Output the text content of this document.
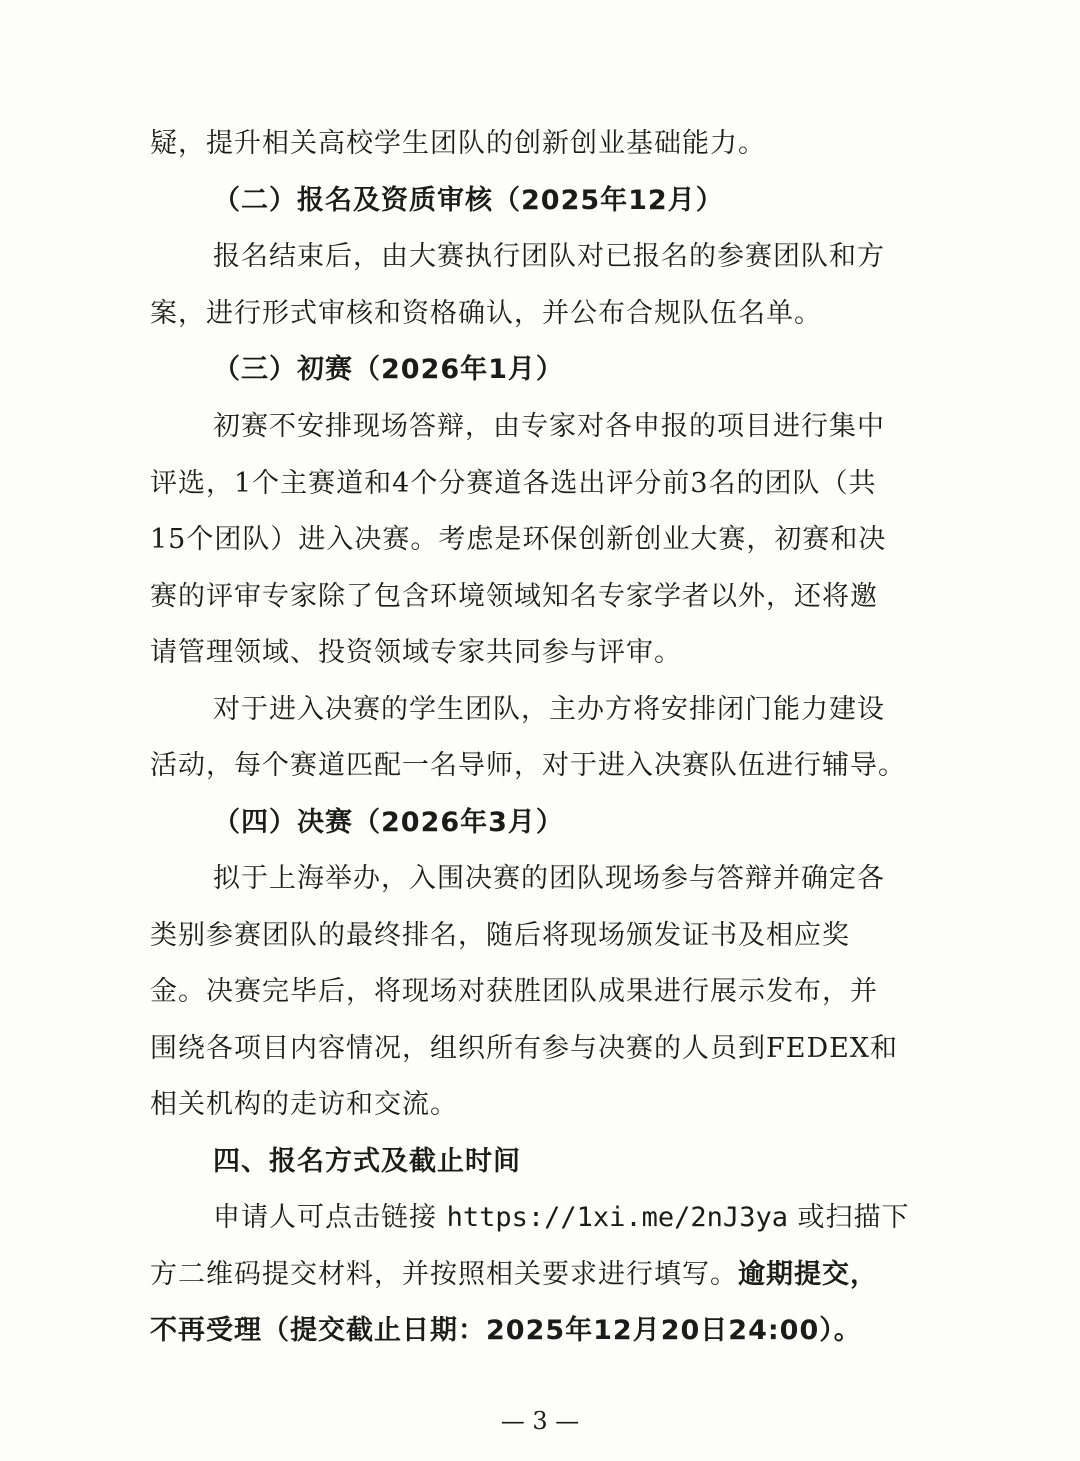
疑，提升相关高校学生团队的创新创业基础能力。
（二）报名及资质审核（2025年12月）
报名结束后，由大赛执行团队对已报名的参赛团队和方
案，进行形式审核和资格确认，并公布合规队伍名单。
（三）初赛（2026年1月）
初赛不安排现场答辩，由专家对各申报的项目进行集中
评选，1个主赛道和4个分赛道各选出评分前3名的团队（共
15个团队）进入决赛。考虑是环保创新创业大赛，初赛和决
赛的评审专家除了包含环境领域知名专家学者以外，还将邀
请管理领域、投资领域专家共同参与评审。
对于进入决赛的学生团队，主办方将安排闭门能力建设
活动，每个赛道匹配一名导师，对于进入决赛队伍进行辅导。
（四）决赛（2026年3月）
拟于上海举办，入围决赛的团队现场参与答辩并确定各
类别参赛团队的最终排名，随后将现场颁发证书及相应奖
金。决赛完毕后，将现场对获胜团队成果进行展示发布，并
围绕各项目内容情况，组织所有参与决赛的人员到FEDEX和
相关机构的走访和交流。
四、报名方式及截止时间
申请人可点击链接 https://1xi.me/2nJ3ya 或扫描下
方二维码提交材料，并按照相关要求进行填写。逾期提交，
不再受理（提交截止日期：2025年12月20日24:00）。
— 3 —
